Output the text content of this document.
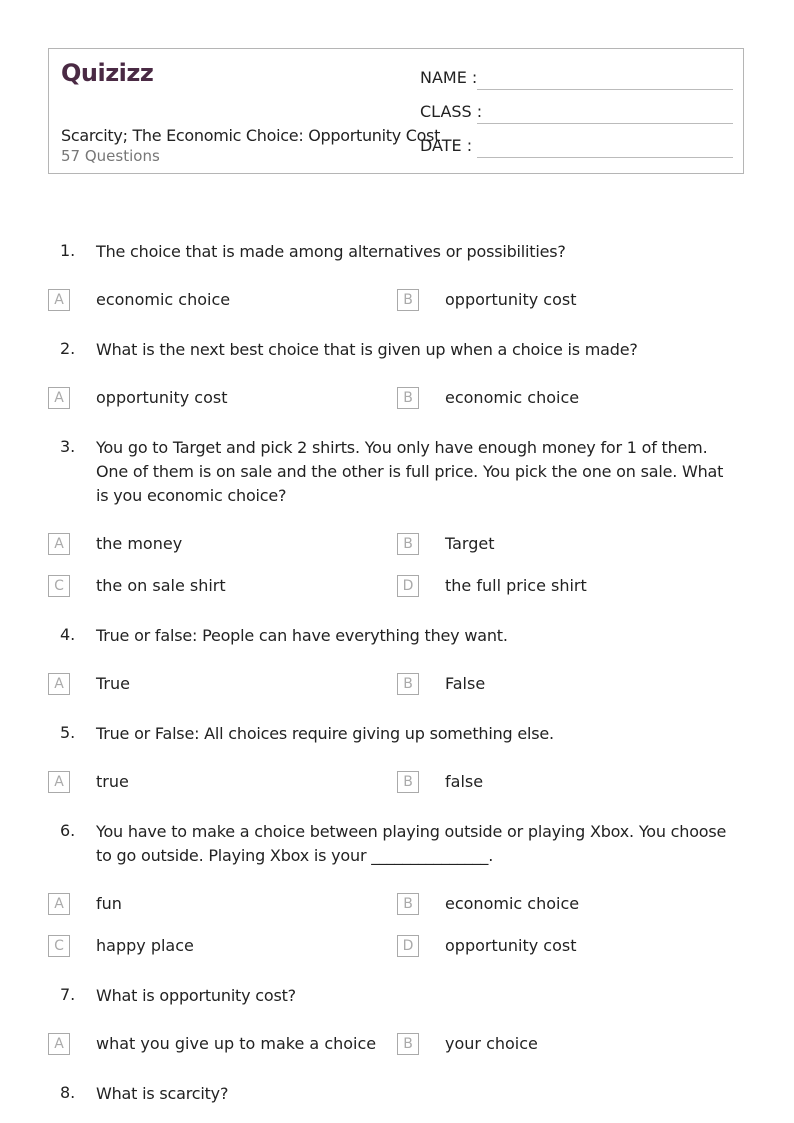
Quizizz
Scarcity; The Economic Choice: Opportunity Cost
57 Questions
NAME :
CLASS :
DATE :
1. The choice that is made among alternatives or possibilities?
A	economic choice	B	opportunity cost
2. What is the next best choice that is given up when a choice is made?
A	opportunity cost	B	economic choice
3. You go to Target and pick 2 shirts. You only have enough money for 1 of them. One of them is on sale and the other is full price. You pick the one on sale. What is you economic choice?
A	the money	B	Target
C	the on sale shirt	D	the full price shirt
4. True or false: People can have everything they want.
A	True	B	False
5. True or False: All choices require giving up something else.
A	true	B	false
6. You have to make a choice between playing outside or playing Xbox. You choose to go outside. Playing Xbox is your _______________.
A	fun	B	economic choice
C	happy place	D	opportunity cost
7. What is opportunity cost?
A	what you give up to make a choice	B	your choice
8. What is scarcity?
